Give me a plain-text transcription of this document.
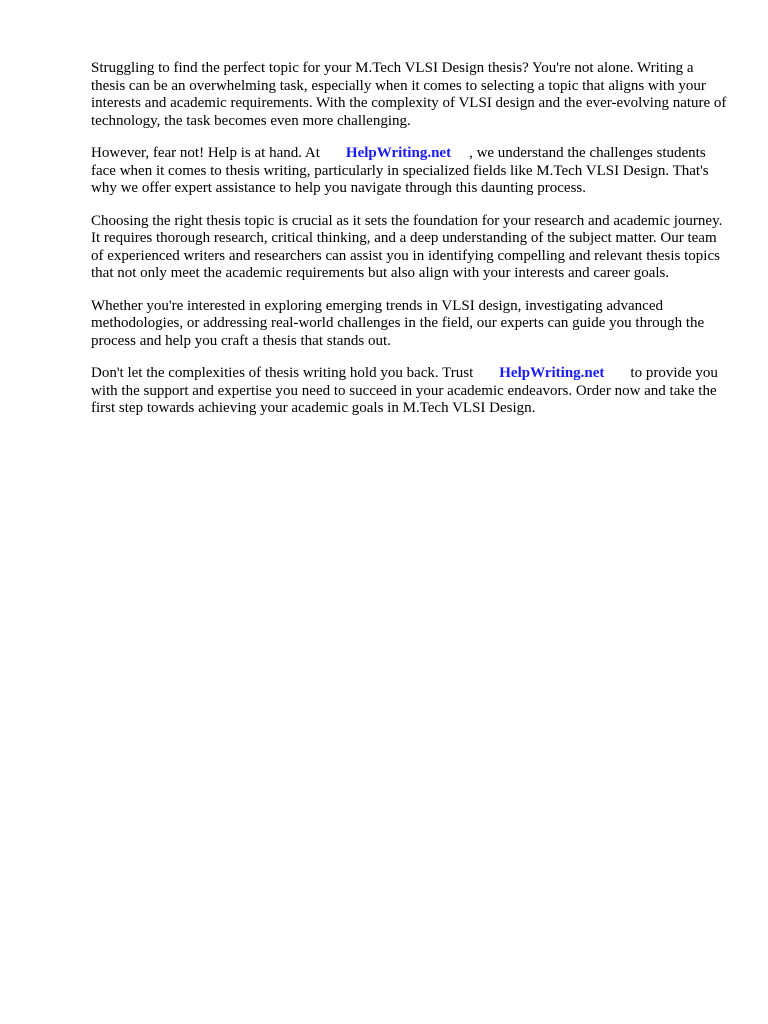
Struggling to find the perfect topic for your M.Tech VLSI Design thesis? You're not alone. Writing a thesis can be an overwhelming task, especially when it comes to selecting a topic that aligns with your interests and academic requirements. With the complexity of VLSI design and the ever-evolving nature of technology, the task becomes even more challenging.

However, fear not! Help is at hand. At HelpWriting.net , we understand the challenges students face when it comes to thesis writing, particularly in specialized fields like M.Tech VLSI Design. That's why we offer expert assistance to help you navigate through this daunting process.

Choosing the right thesis topic is crucial as it sets the foundation for your research and academic journey. It requires thorough research, critical thinking, and a deep understanding of the subject matter. Our team of experienced writers and researchers can assist you in identifying compelling and relevant thesis topics that not only meet the academic requirements but also align with your interests and career goals.

Whether you're interested in exploring emerging trends in VLSI design, investigating advanced methodologies, or addressing real-world challenges in the field, our experts can guide you through the process and help you craft a thesis that stands out.

Don't let the complexities of thesis writing hold you back. Trust HelpWriting.net to provide you with the support and expertise you need to succeed in your academic endeavors. Order now and take the first step towards achieving your academic goals in M.Tech VLSI Design.
